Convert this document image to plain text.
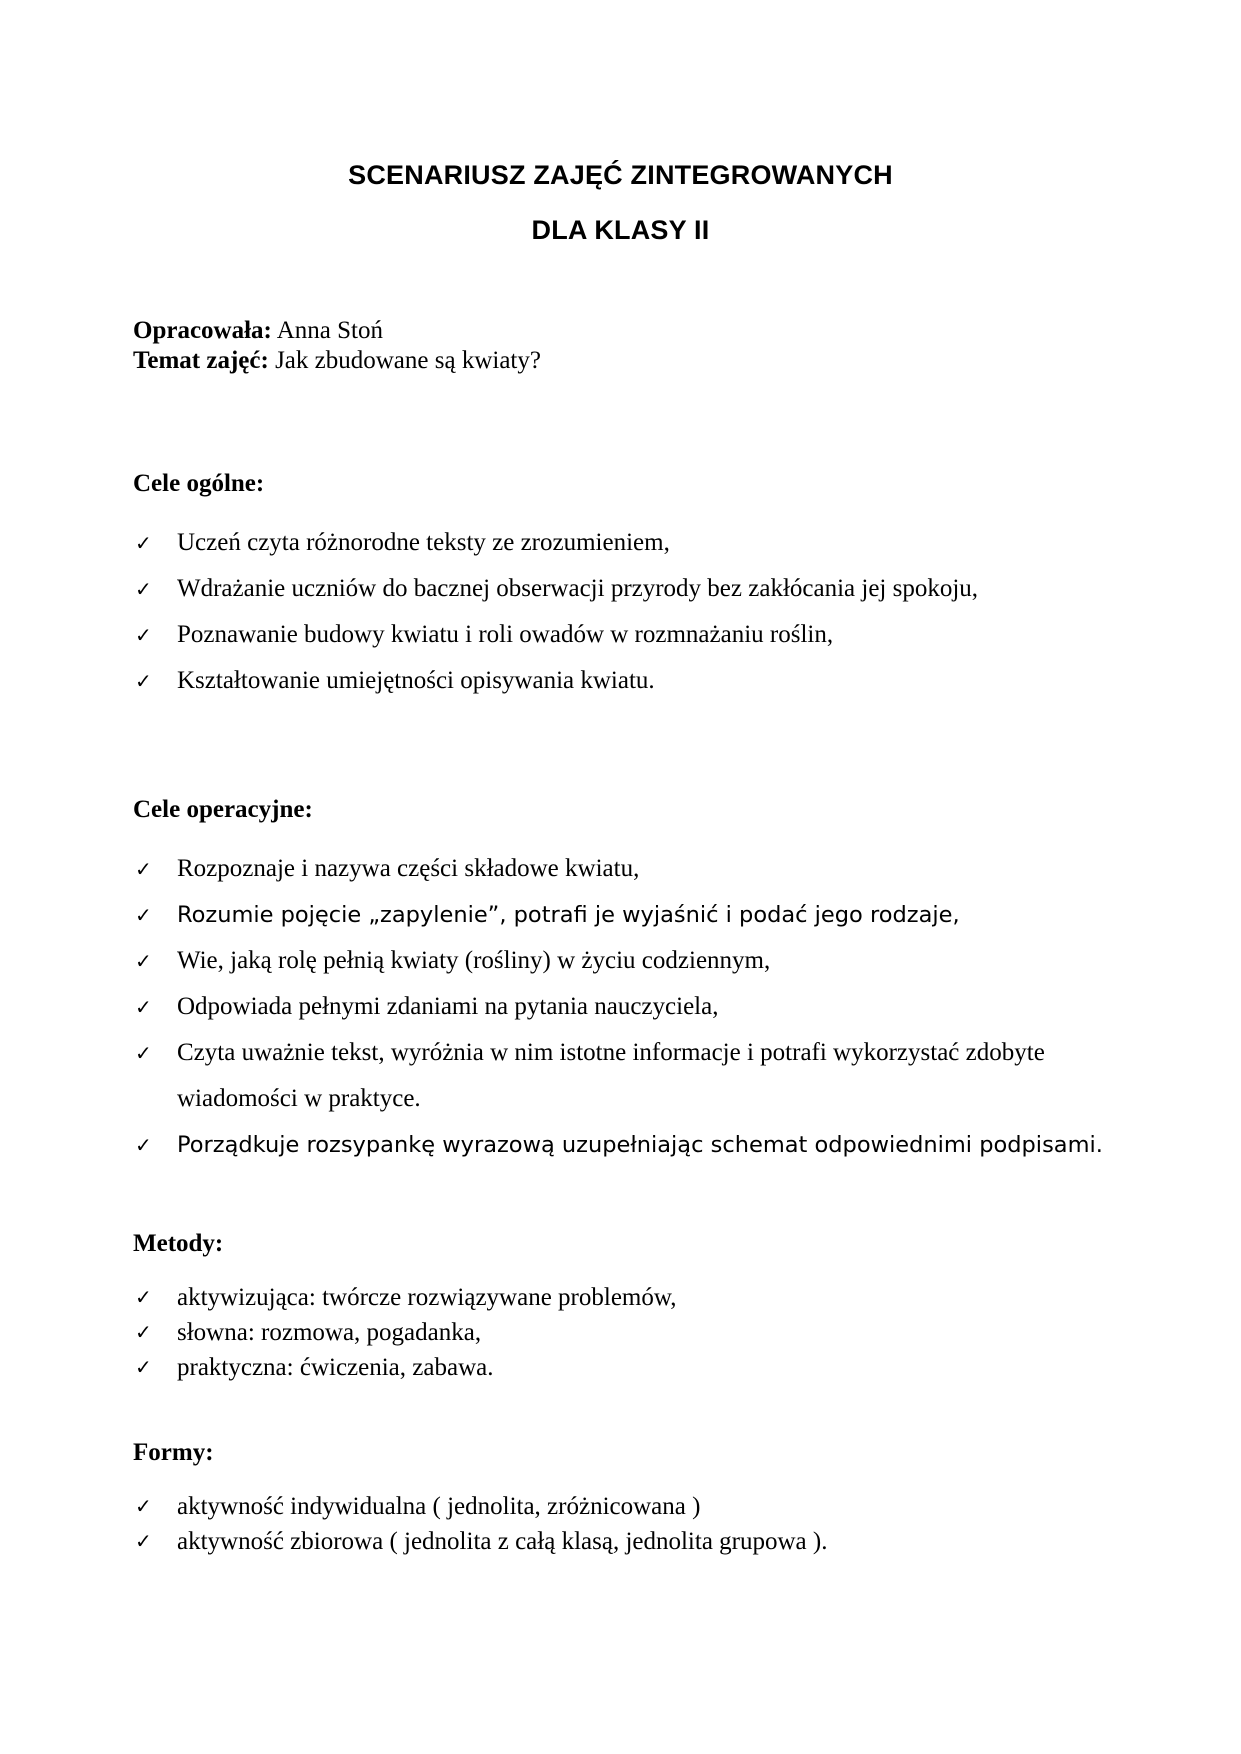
SCENARIUSZ ZAJĘĆ ZINTEGROWANYCH
DLA KLASY II
Opracowała: Anna Stoń
Temat zajęć: Jak zbudowane są kwiaty?
Cele ogólne:
✓ Uczeń czyta różnorodne teksty ze zrozumieniem,
✓ Wdrażanie uczniów do bacznej obserwacji przyrody bez zakłócania jej spokoju,
✓ Poznawanie budowy kwiatu i roli owadów w rozmnażaniu roślin,
✓ Kształtowanie umiejętności opisywania kwiatu.
Cele operacyjne:
✓ Rozpoznaje i nazywa części składowe kwiatu,
✓ Rozumie pojęcie „zapylenie”, potrafi je wyjaśnić i podać jego rodzaje,
✓ Wie, jaką rolę pełnią kwiaty (rośliny) w życiu codziennym,
✓ Odpowiada pełnymi zdaniami na pytania nauczyciela,
✓ Czyta uważnie tekst, wyróżnia w nim istotne informacje i potrafi wykorzystać zdobyte wiadomości w praktyce.
✓ Porządkuje rozsypankę wyrazową uzupełniając schemat odpowiednimi podpisami.
Metody:
✓ aktywizująca: twórcze rozwiązywane problemów,
✓ słowna: rozmowa, pogadanka,
✓ praktyczna: ćwiczenia, zabawa.
Formy:
✓ aktywność indywidualna ( jednolita, zróżnicowana )
✓ aktywność zbiorowa ( jednolita z całą klasą, jednolita grupowa ).
